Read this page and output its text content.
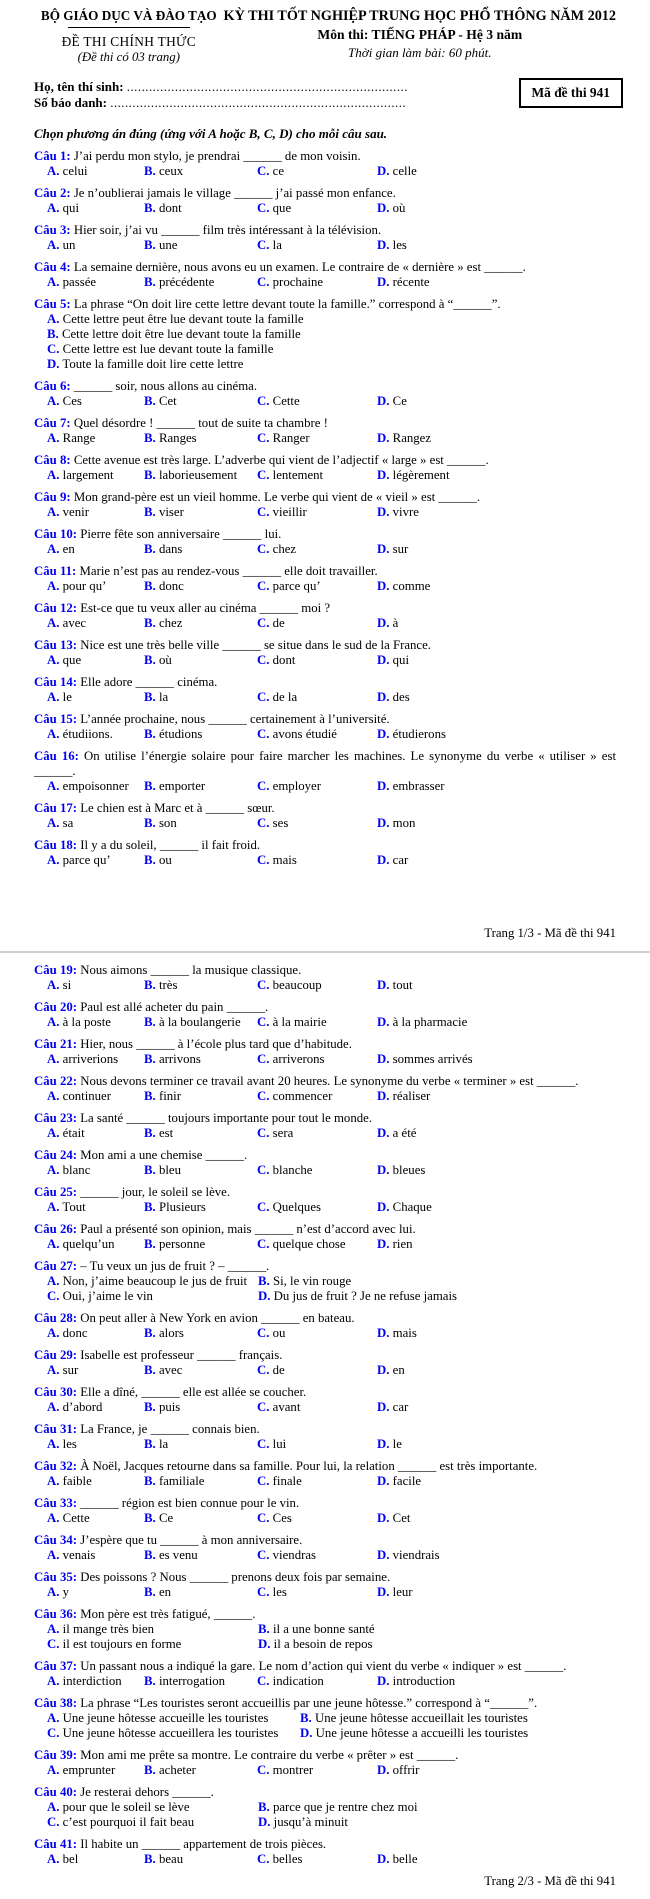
BỘ GIÁO DỤC VÀ ĐÀO TẠO
ĐỀ THI CHÍNH THỨC
(Đề thi có 03 trang)
KỲ THI TỐT NGHIỆP TRUNG HỌC PHỔ THÔNG NĂM 2012
Môn thi: TIẾNG PHÁP - Hệ 3 năm
Thời gian làm bài: 60 phút.
Mã đề thi 941
Họ, tên thí sinh: ............................................................................
Số báo danh: ................................................................................
Chọn phương án đúng (ứng với A hoặc B, C, D) cho mỗi câu sau.

Câu 1: J’ai perdu mon stylo, je prendrai ______ de mon voisin.

A. celui	B. ceux	C. ce	D. celle

Câu 2: Je n’oublierai jamais le village ______ j’ai passé mon enfance.

A. qui	B. dont	C. que	D. où

Câu 3: Hier soir, j’ai vu ______ film très intéressant à la télévision.

A. un	B. une	C. la	D. les

Câu 4: La semaine dernière, nous avons eu un examen. Le contraire de « dernière » est ______.

A. passée	B. précédente	C. prochaine	D. récente

Câu 5: La phrase “On doit lire cette lettre devant toute la famille.” correspond à “______”.

A. Cette lettre peut être lue devant toute la famille
B. Cette lettre doit être lue devant toute la famille
C. Cette lettre est lue devant toute la famille
D. Toute la famille doit lire cette lettre

Câu 6: ______ soir, nous allons au cinéma.

A. Ces	B. Cet	C. Cette	D. Ce

Câu 7: Quel désordre ! ______ tout de suite ta chambre !

A. Range	B. Ranges	C. Ranger	D. Rangez

Câu 8: Cette avenue est très large. L’adverbe qui vient de l’adjectif « large » est ______.

A. largement	B. laborieusement	C. lentement	D. légèrement

Câu 9: Mon grand-père est un vieil homme. Le verbe qui vient de « vieil » est ______.

A. venir	B. viser	C. vieillir	D. vivre

Câu 10: Pierre fête son anniversaire ______ lui.

A. en	B. dans	C. chez	D. sur

Câu 11: Marie n’est pas au rendez-vous ______ elle doit travailler.

A. pour qu’	B. donc	C. parce qu’	D. comme

Câu 12: Est-ce que tu veux aller au cinéma ______ moi ?

A. avec	B. chez	C. de	D. à

Câu 13: Nice est une très belle ville ______ se situe dans le sud de la France.

A. que	B. où	C. dont	D. qui

Câu 14: Elle adore ______ cinéma.

A. le	B. la	C. de la	D. des

Câu 15: L’année prochaine, nous ______ certainement à l’université.

A. étudiions.	B. étudions	C. avons étudié	D. étudierons

Câu 16: On utilise l’énergie solaire pour faire marcher les machines. Le synonyme du verbe « utiliser » est ______.

A. empoisonner	B. emporter	C. employer	D. embrasser

Câu 17: Le chien est à Marc et à ______ sœur.

A. sa	B. son	C. ses	D. mon

Câu 18: Il y a du soleil, ______ il fait froid.

A. parce qu’	B. ou	C. mais	D. car
Trang 1/3 - Mã đề thi 941

Câu 19: Nous aimons ______ la musique classique.

A. si	B. très	C. beaucoup	D. tout

Câu 20: Paul est allé acheter du pain ______.

A. à la poste	B. à la boulangerie	C. à la mairie	D. à la pharmacie

Câu 21: Hier, nous ______ à l’école plus tard que d’habitude.

A. arriverions	B. arrivons	C. arriverons	D. sommes arrivés

Câu 22: Nous devons terminer ce travail avant 20 heures. Le synonyme du verbe « terminer » est ______.

A. continuer	B. finir	C. commencer	D. réaliser

Câu 23: La santé ______ toujours importante pour tout le monde.

A. était	B. est	C. sera	D. a été

Câu 24: Mon ami a une chemise ______.

A. blanc	B. bleu	C. blanche	D. bleues

Câu 25: ______ jour, le soleil se lève.

A. Tout	B. Plusieurs	C. Quelques	D. Chaque

Câu 26: Paul a présenté son opinion, mais ______ n’est d’accord avec lui.

A. quelqu’un	B. personne	C. quelque chose	D. rien

Câu 27: – Tu veux un jus de fruit ? – ______.

A. Non, j’aime beaucoup le jus de fruit B. Si, le vin rouge
C. Oui, j’aime le vin	D. Du jus de fruit ? Je ne refuse jamais

Câu 28: On peut aller à New York en avion ______ en bateau.

A. donc	B. alors	C. ou	D. mais

Câu 29: Isabelle est professeur ______ français.

A. sur	B. avec	C. de	D. en

Câu 30: Elle a dîné, ______ elle est allée se coucher.

A. d’abord	B. puis	C. avant	D. car

Câu 31: La France, je ______ connais bien.

A. les	B. la	C. lui	D. le

Câu 32: À Noël, Jacques retourne dans sa famille. Pour lui, la relation ______ est très importante.

A. faible	B. familiale	C. finale	D. facile

Câu 33: ______ région est bien connue pour le vin.

A. Cette	B. Ce	C. Ces	D. Cet

Câu 34: J’espère que tu ______ à mon anniversaire.

A. venais	B. es venu	C. viendras	D. viendrais

Câu 35: Des poissons ? Nous ______ prenons deux fois par semaine.

A. y	B. en	C. les	D. leur

Câu 36: Mon père est très fatigué, ______.

A. il mange très bien	B. il a une bonne santé
C. il est toujours en forme	D. il a besoin de repos

Câu 37: Un passant nous a indiqué la gare. Le nom d’action qui vient du verbe « indiquer » est ______.

A. interdiction	B. interrogation	C. indication	D. introduction

Câu 38: La phrase “Les touristes seront accueillis par une jeune hôtesse.” correspond à “______”.

A. Une jeune hôtesse accueille les touristes	B. Une jeune hôtesse accueillait les touristes
C. Une jeune hôtesse accueillera les touristes	D. Une jeune hôtesse a accueilli les touristes

Câu 39: Mon ami me prête sa montre. Le contraire du verbe « prêter » est ______.

A. emprunter	B. acheter	C. montrer	D. offrir

Câu 40: Je resterai dehors ______.

A. pour que le soleil se lève	B. parce que je rentre chez moi
C. c’est pourquoi il fait beau	D. jusqu’à minuit

Câu 41: Il habite un ______ appartement de trois pièces.

A. bel	B. beau	C. belles	D. belle
Trang 2/3 - Mã đề thi 941
